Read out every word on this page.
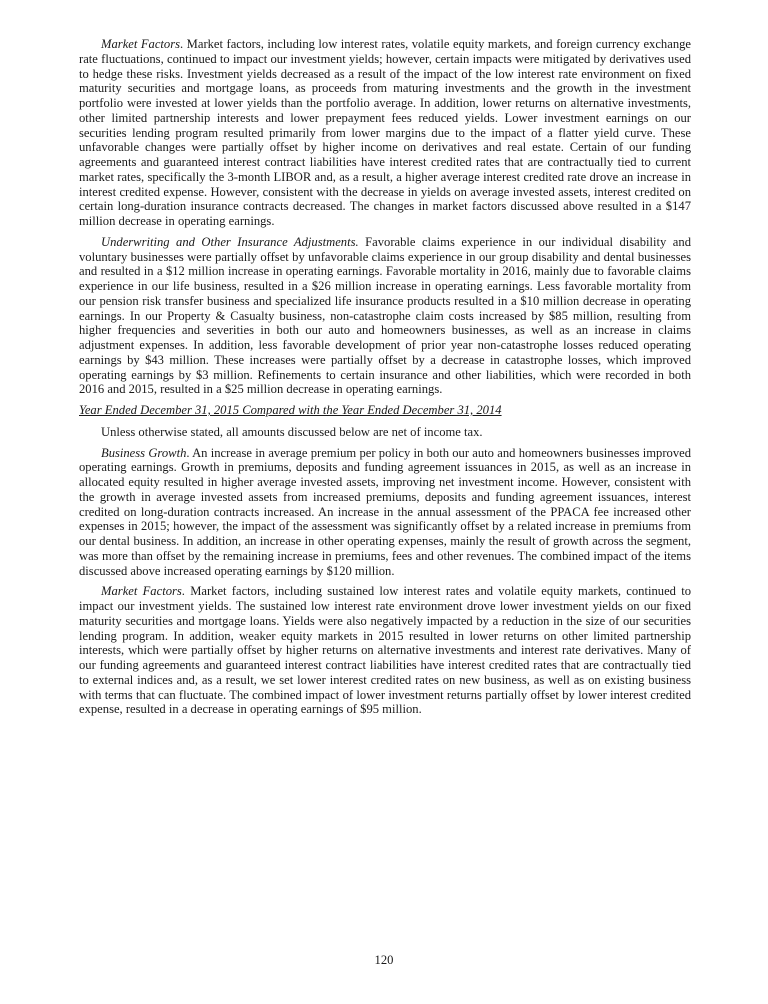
Market Factors. Market factors, including low interest rates, volatile equity markets, and foreign currency exchange rate fluctuations, continued to impact our investment yields; however, certain impacts were mitigated by derivatives used to hedge these risks. Investment yields decreased as a result of the impact of the low interest rate environment on fixed maturity securities and mortgage loans, as proceeds from maturing investments and the growth in the investment portfolio were invested at lower yields than the portfolio average. In addition, lower returns on alternative investments, other limited partnership interests and lower prepayment fees reduced yields. Lower investment earnings on our securities lending program resulted primarily from lower margins due to the impact of a flatter yield curve. These unfavorable changes were partially offset by higher income on derivatives and real estate. Certain of our funding agreements and guaranteed interest contract liabilities have interest credited rates that are contractually tied to current market rates, specifically the 3-month LIBOR and, as a result, a higher average interest credited rate drove an increase in interest credited expense. However, consistent with the decrease in yields on average invested assets, interest credited on certain long-duration insurance contracts decreased. The changes in market factors discussed above resulted in a $147 million decrease in operating earnings.

Underwriting and Other Insurance Adjustments. Favorable claims experience in our individual disability and voluntary businesses were partially offset by unfavorable claims experience in our group disability and dental businesses and resulted in a $12 million increase in operating earnings. Favorable mortality in 2016, mainly due to favorable claims experience in our life business, resulted in a $26 million increase in operating earnings. Less favorable mortality from our pension risk transfer business and specialized life insurance products resulted in a $10 million decrease in operating earnings. In our Property & Casualty business, non-catastrophe claim costs increased by $85 million, resulting from higher frequencies and severities in both our auto and homeowners businesses, as well as an increase in claims adjustment expenses. In addition, less favorable development of prior year non-catastrophe losses reduced operating earnings by $43 million. These increases were partially offset by a decrease in catastrophe losses, which improved operating earnings by $3 million. Refinements to certain insurance and other liabilities, which were recorded in both 2016 and 2015, resulted in a $25 million decrease in operating earnings.

Year Ended December 31, 2015 Compared with the Year Ended December 31, 2014

Unless otherwise stated, all amounts discussed below are net of income tax.

Business Growth. An increase in average premium per policy in both our auto and homeowners businesses improved operating earnings. Growth in premiums, deposits and funding agreement issuances in 2015, as well as an increase in allocated equity resulted in higher average invested assets, improving net investment income. However, consistent with the growth in average invested assets from increased premiums, deposits and funding agreement issuances, interest credited on long-duration contracts increased. An increase in the annual assessment of the PPACA fee increased other expenses in 2015; however, the impact of the assessment was significantly offset by a related increase in premiums from our dental business. In addition, an increase in other operating expenses, mainly the result of growth across the segment, was more than offset by the remaining increase in premiums, fees and other revenues. The combined impact of the items discussed above increased operating earnings by $120 million.

Market Factors. Market factors, including sustained low interest rates and volatile equity markets, continued to impact our investment yields. The sustained low interest rate environment drove lower investment yields on our fixed maturity securities and mortgage loans. Yields were also negatively impacted by a reduction in the size of our securities lending program. In addition, weaker equity markets in 2015 resulted in lower returns on other limited partnership interests, which were partially offset by higher returns on alternative investments and interest rate derivatives. Many of our funding agreements and guaranteed interest contract liabilities have interest credited rates that are contractually tied to external indices and, as a result, we set lower interest credited rates on new business, as well as on existing business with terms that can fluctuate. The combined impact of lower investment returns partially offset by lower interest credited expense, resulted in a decrease in operating earnings of $95 million.

120
